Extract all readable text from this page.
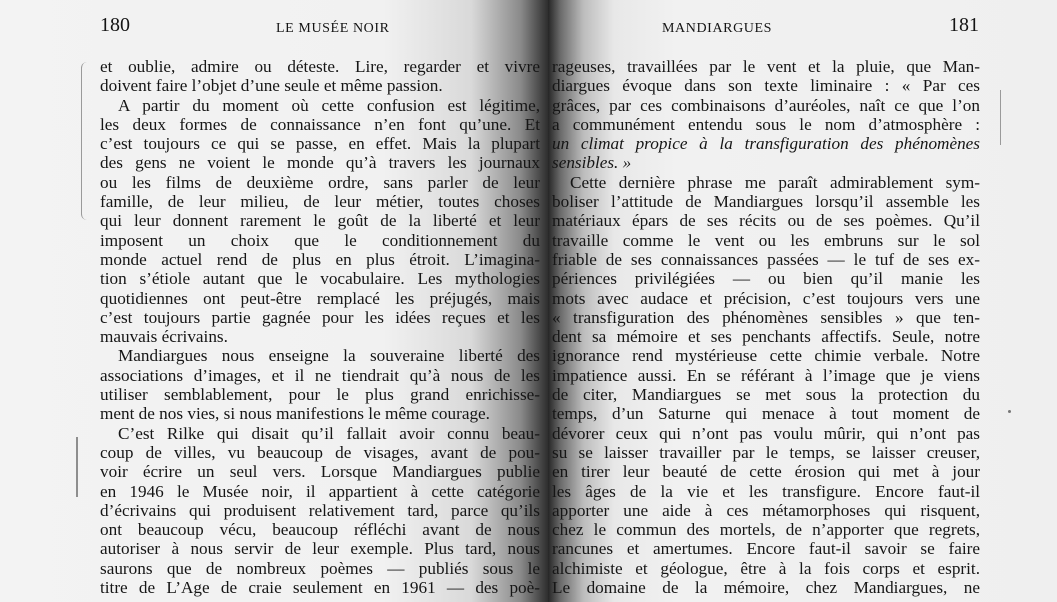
180	LE MUSÉE NOIR
et oublie, admire ou déteste. Lire, regarder et vivre
doivent faire l’objet d’une seule et même passion.
A partir du moment où cette confusion est légitime,
les deux formes de connaissance n’en font qu’une. Et
c’est toujours ce qui se passe, en effet. Mais la plupart
des gens ne voient le monde qu’à travers les journaux
ou les films de deuxième ordre, sans parler de leur
famille, de leur milieu, de leur métier, toutes choses
qui leur donnent rarement le goût de la liberté et leur
imposent un choix que le conditionnement du
monde actuel rend de plus en plus étroit. L’imagina-
tion s’étiole autant que le vocabulaire. Les mythologies
quotidiennes ont peut-être remplacé les préjugés, mais
c’est toujours partie gagnée pour les idées reçues et les
mauvais écrivains.
Mandiargues nous enseigne la souveraine liberté des
associations d’images, et il ne tiendrait qu’à nous de les
utiliser semblablement, pour le plus grand enrichisse-
ment de nos vies, si nous manifestions le même courage.
C’est Rilke qui disait qu’il fallait avoir connu beau-
coup de villes, vu beaucoup de visages, avant de pou-
voir écrire un seul vers. Lorsque Mandiargues publie
en 1946 le Musée noir, il appartient à cette catégorie
d’écrivains qui produisent relativement tard, parce qu’ils
ont beaucoup vécu, beaucoup réfléchi avant de nous
autoriser à nous servir de leur exemple. Plus tard, nous
saurons que de nombreux poèmes — publiés sous le
titre de L’Age de craie seulement en 1961 — des poè-
MANDIARGUES	181
rageuses, travaillées par le vent et la pluie, que Man-
diargues évoque dans son texte liminaire : « Par ces
grâces, par ces combinaisons d’auréoles, naît ce que l’on
a communément entendu sous le nom d’atmosphère :
un climat propice à la transfiguration des phénomènes
sensibles. »
Cette dernière phrase me paraît admirablement sym-
boliser l’attitude de Mandiargues lorsqu’il assemble les
matériaux épars de ses récits ou de ses poèmes. Qu’il
travaille comme le vent ou les embruns sur le sol
friable de ses connaissances passées — le tuf de ses ex-
périences privilégiées — ou bien qu’il manie les
mots avec audace et précision, c’est toujours vers une
« transfiguration des phénomènes sensibles » que ten-
dent sa mémoire et ses penchants affectifs. Seule, notre
ignorance rend mystérieuse cette chimie verbale. Notre
impatience aussi. En se référant à l’image que je viens
de citer, Mandiargues se met sous la protection du
temps, d’un Saturne qui menace à tout moment de
dévorer ceux qui n’ont pas voulu mûrir, qui n’ont pas
su se laisser travailler par le temps, se laisser creuser,
en tirer leur beauté de cette érosion qui met à jour
les âges de la vie et les transfigure. Encore faut-il
apporter une aide à ces métamorphoses qui risquent,
chez le commun des mortels, de n’apporter que regrets,
rancunes et amertumes. Encore faut-il savoir se faire
alchimiste et géologue, être à la fois corps et esprit.
Le domaine de la mémoire, chez Mandiargues, ne
